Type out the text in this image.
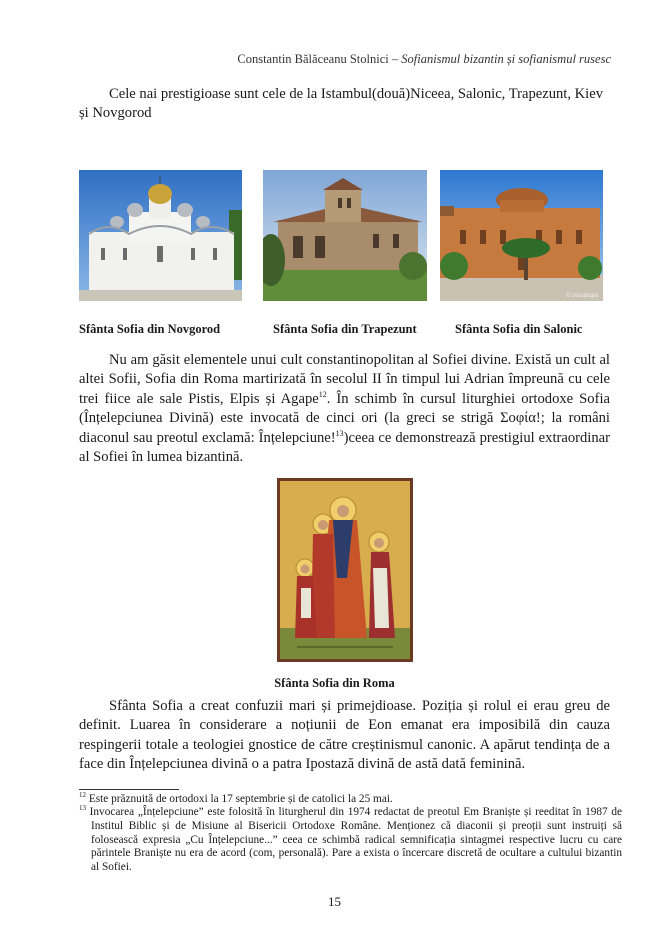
Constantin Bălăceanu Stolnici – Sofianismul bizantin și sofianismul rusesc

Cele nai prestigioase sunt cele de la Istambul(două)Niceea, Salonic, Trapezunt, Kiev și Novgorod

© dosalogia
Sfânta Sofia din Novgorod	Sfânta Sofia din Trapezunt	Sfânta Sofia din Salonic

Nu am găsit elementele unui cult constantinopolitan al Sofiei divine. Există un cult al altei Sofii, Sofia din Roma martirizată în secolul II în timpul lui Adrian împreună cu cele trei fiice ale sale Pistis, Elpis și Agape$^{12}$. În schimb în cursul liturghiei ortodoxe Sofia (Înțelepciunea Divină) este invocată de cinci ori (la greci se strigă Σοφία!; la români diaconul sau preotul exclamă: Înțelepciune!$^{13}$)ceea ce demonstrează prestigiul extraordinar al Sofiei în lumea bizantină.

Sfânta Sofia din Roma

Sfânta Sofia a creat confuzii mari și primejdioase. Poziția și rolul ei erau greu de definit. Luarea în considerare a noțiunii de Eon emanat era imposibilă din cauza respingerii totale a teologiei gnostice de către creștinismul canonic. A apărut tendința de a face din Înțelepciunea divină o a patra Ipostază divină de astă dată feminină.

$^{12}$ Este prăznuită de ortodoxi la 17 septembrie și de catolici la 25 mai.

$^{13}$ Invocarea „Înțelepciune” este folosită în liturgherul din 1974 redactat de preotul Em Braniște și reeditat în 1987 de Institul Biblic și de Misiune al Bisericii Ortodoxe Române. Menționez că diaconii și preoții sunt instruiți să folosească expresia „Cu Înțelepciune...” ceea ce schimbă radical semnificația sintagmei respective lucru cu care părintele Braniște nu era de acord (com, personală). Pare a exista o încercare discretă de ocultare a cultului bizantin al Sofiei.

15
